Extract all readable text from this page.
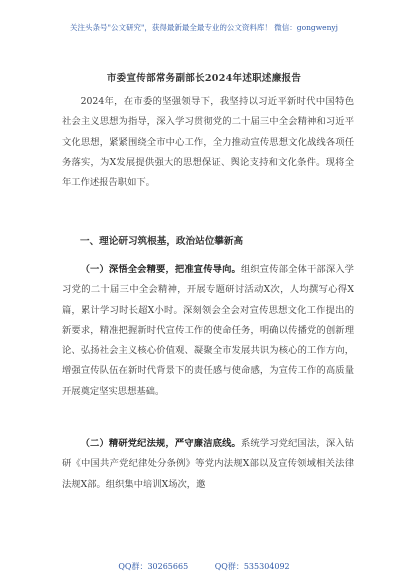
关注头条号"公文研究"，获得最新最全最专业的公文资料库！ 微信：gongwenyj
市委宣传部常务副部长2024年述职述廉报告
2024年，在市委的坚强领导下，我坚持以习近平新时代中国特色社会主义思想为指导，深入学习贯彻党的二十届三中全会精神和习近平文化思想，紧紧围绕全市中心工作，全力推动宣传思想文化战线各项任务落实，为X发展提供强大的思想保证、舆论支持和文化条件。现将全年工作述报告职如下。
一、理论研习筑根基，政治站位攀新高
（一）深悟全会精要，把准宣传导向。组织宣传部全体干部深入学习党的二十届三中全会精神，开展专题研讨活动X次，人均撰写心得X篇，累计学习时长超X小时。深刻领会全会对宣传思想文化工作提出的新要求，精准把握新时代宣传工作的使命任务，明确以传播党的创新理论、弘扬社会主义核心价值观、凝聚全市发展共识为核心的工作方向，增强宣传队伍在新时代背景下的责任感与使命感，为宣传工作的高质量开展奠定坚实思想基础。
（二）精研党纪法规，严守廉洁底线。系统学习党纪国法，深入钻研《中国共产党纪律处分条例》等党内法规X部以及宣传领域相关法律法规X部。组织集中培训X场次，邀
QQ群：30265665	QQ群：535304092
